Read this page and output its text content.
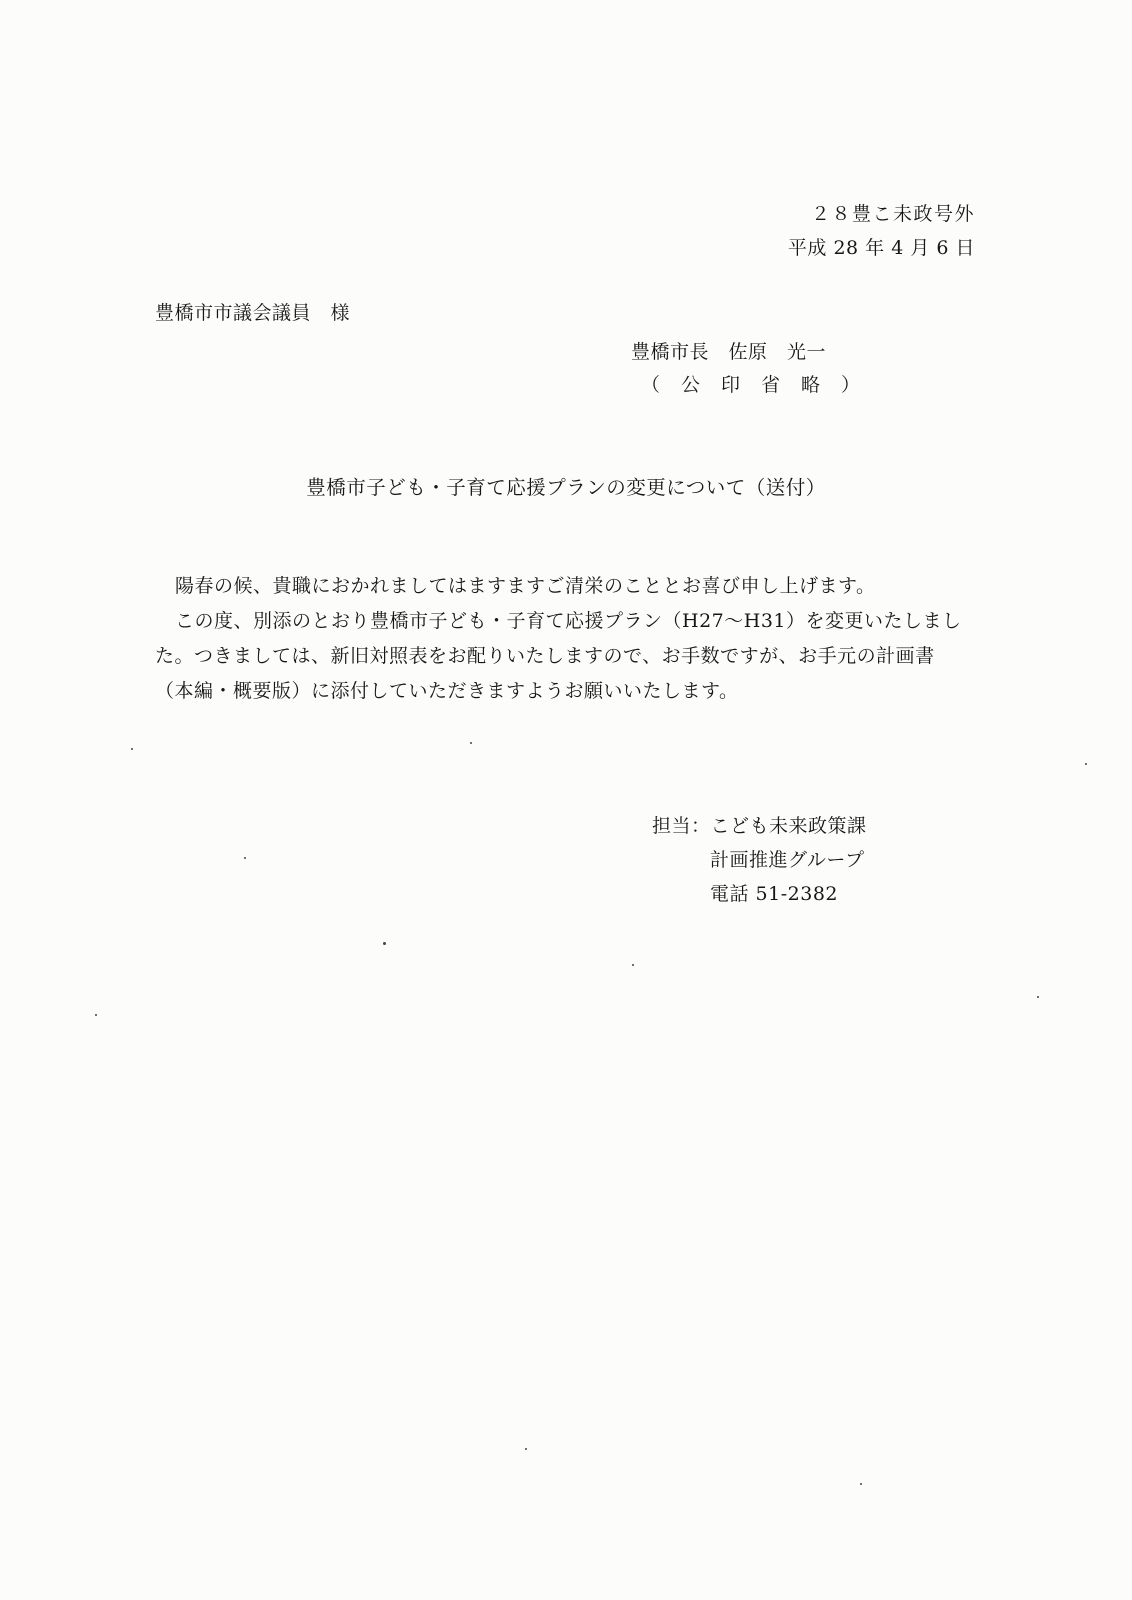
２８豊こ未政号外
平成 28 年 4 月 6 日
豊橋市市議会議員　様
豊橋市長　佐原　光一
（　公　印　省　略　）
豊橋市子ども・子育て応援プランの変更について（送付）
陽春の候、貴職におかれましてはますますご清栄のこととお喜び申し上げます。
この度、別添のとおり豊橋市子ども・子育て応援プラン（H27～H31）を変更いたしまし
た。つきましては、新旧対照表をお配りいたしますので、お手数ですが、お手元の計画書
（本編・概要版）に添付していただきますようお願いいたします。
担当：こども未来政策課
計画推進グループ
電話 51-2382
